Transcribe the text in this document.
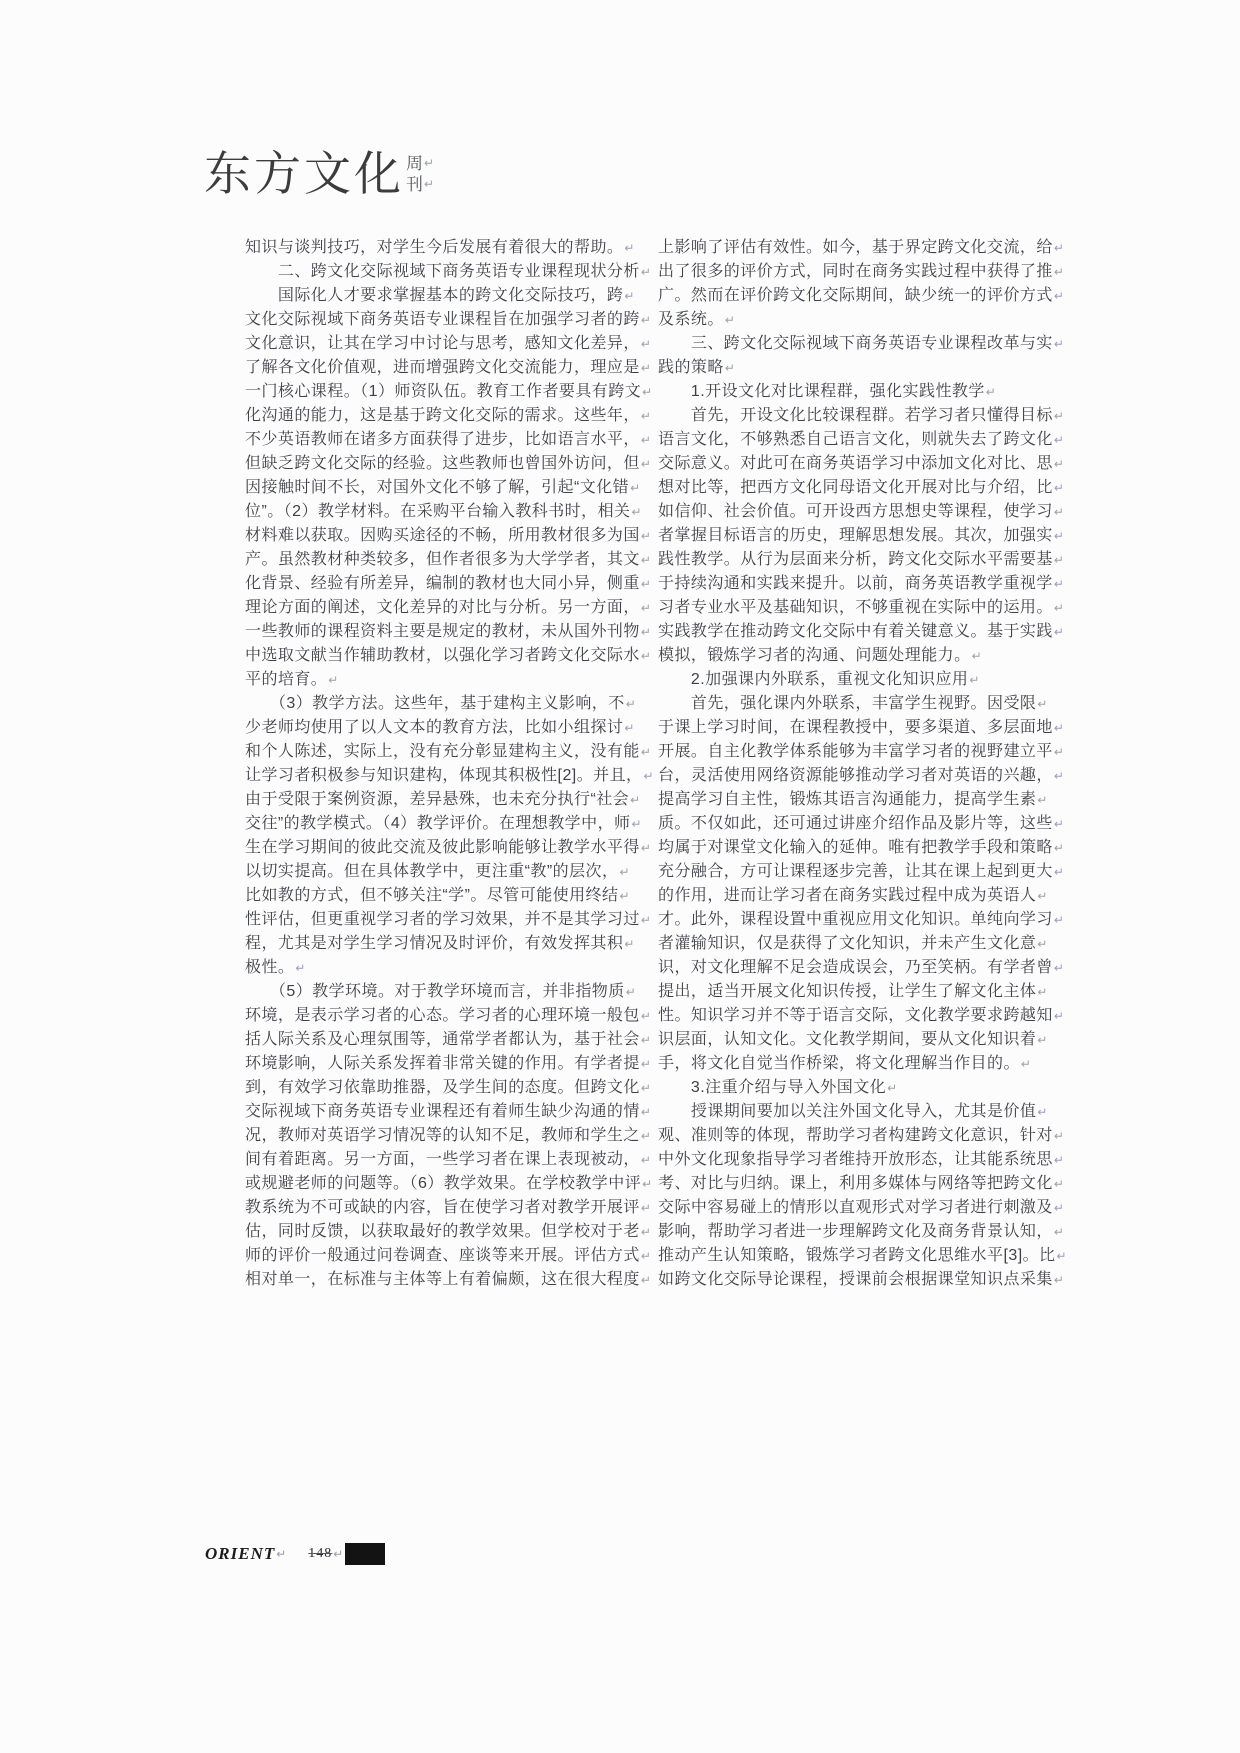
东方文化 周 ↵
刊 ↵
知识与谈判技巧，对学生今后发展有着很大的帮助。 ↵
　　二、跨文化交际视域下商务英语专业课程现状分析 ↵
　　国际化人才要求掌握基本的跨文化交际技巧，跨 ↵
文化交际视域下商务英语专业课程旨在加强学习者的跨 ↵
文化意识，让其在学习中讨论与思考，感知文化差异， ↵
了解各文化价值观，进而增强跨文化交流能力，理应是 ↵
一门核心课程。（1）师资队伍。教育工作者要具有跨文 ↵
化沟通的能力，这是基于跨文化交际的需求。这些年， ↵
不少英语教师在诸多方面获得了进步，比如语言水平， ↵
但缺乏跨文化交际的经验。这些教师也曾国外访问，但 ↵
因接触时间不长，对国外文化不够了解，引起“文化错 ↵
位”。（2）教学材料。在采购平台输入教科书时，相关 ↵
材料难以获取。因购买途径的不畅，所用教材很多为国 ↵
产。虽然教材种类较多，但作者很多为大学学者，其文 ↵
化背景、经验有所差异，编制的教材也大同小异，侧重 ↵
理论方面的阐述，文化差异的对比与分析。另一方面， ↵
一些教师的课程资料主要是规定的教材，未从国外刊物 ↵
中选取文献当作辅助教材，以强化学习者跨文化交际水 ↵
平的培育。 ↵
　　（3）教学方法。这些年，基于建构主义影响，不 ↵
少老师均使用了以人文本的教育方法，比如小组探讨 ↵
和个人陈述，实际上，没有充分彰显建构主义，没有能 ↵
让学习者积极参与知识建构，体现其积极性[2]。并且， ↵
由于受限于案例资源，差异悬殊，也未充分执行“社会 ↵
交往”的教学模式。（4）教学评价。在理想教学中，师 ↵
生在学习期间的彼此交流及彼此影响能够让教学水平得 ↵
以切实提高。但在具体教学中，更注重“教”的层次， ↵
比如教的方式，但不够关注“学”。尽管可能使用终结 ↵
性评估，但更重视学习者的学习效果，并不是其学习过 ↵
程，尤其是对学生学习情况及时评价，有效发挥其积 ↵
极性。 ↵
　　（5）教学环境。对于教学环境而言，并非指物质 ↵
环境，是表示学习者的心态。学习者的心理环境一般包 ↵
括人际关系及心理氛围等，通常学者都认为，基于社会 ↵
环境影响，人际关系发挥着非常关键的作用。有学者提 ↵
到，有效学习依靠助推器，及学生间的态度。但跨文化 ↵
交际视域下商务英语专业课程还有着师生缺少沟通的情 ↵
况，教师对英语学习情况等的认知不足，教师和学生之 ↵
间有着距离。另一方面，一些学习者在课上表现被动， ↵
或规避老师的问题等。（6）教学效果。在学校教学中评 ↵
教系统为不可或缺的内容，旨在使学习者对教学开展评 ↵
估，同时反馈，以获取最好的教学效果。但学校对于老 ↵
师的评价一般通过问卷调查、座谈等来开展。评估方式 ↵
相对单一，在标准与主体等上有着偏颇，这在很大程度 ↵
上影响了评估有效性。如今，基于界定跨文化交流，给 ↵
出了很多的评价方式，同时在商务实践过程中获得了推 ↵
广。然而在评价跨文化交际期间，缺少统一的评价方式 ↵
及系统。 ↵
　　三、跨文化交际视域下商务英语专业课程改革与实 ↵
践的策略 ↵
　　1.开设文化对比课程群，强化实践性教学 ↵
　　首先，开设文化比较课程群。若学习者只懂得目标 ↵
语言文化，不够熟悉自己语言文化，则就失去了跨文化 ↵
交际意义。对此可在商务英语学习中添加文化对比、思 ↵
想对比等，把西方文化同母语文化开展对比与介绍，比 ↵
如信仰、社会价值。可开设西方思想史等课程，使学习 ↵
者掌握目标语言的历史，理解思想发展。其次，加强实 ↵
践性教学。从行为层面来分析，跨文化交际水平需要基 ↵
于持续沟通和实践来提升。以前，商务英语教学重视学 ↵
习者专业水平及基础知识，不够重视在实际中的运用。 ↵
实践教学在推动跨文化交际中有着关键意义。基于实践 ↵
模拟，锻炼学习者的沟通、问题处理能力。 ↵
　　2.加强课内外联系，重视文化知识应用 ↵
　　首先，强化课内外联系，丰富学生视野。因受限 ↵
于课上学习时间，在课程教授中，要多渠道、多层面地 ↵
开展。自主化教学体系能够为丰富学习者的视野建立平 ↵
台，灵活使用网络资源能够推动学习者对英语的兴趣， ↵
提高学习自主性，锻炼其语言沟通能力，提高学生素 ↵
质。不仅如此，还可通过讲座介绍作品及影片等，这些 ↵
均属于对课堂文化输入的延伸。唯有把教学手段和策略 ↵
充分融合，方可让课程逐步完善，让其在课上起到更大 ↵
的作用，进而让学习者在商务实践过程中成为英语人 ↵
才。此外，课程设置中重视应用文化知识。单纯向学习 ↵
者灌输知识，仅是获得了文化知识，并未产生文化意 ↵
识，对文化理解不足会造成误会，乃至笑柄。有学者曾 ↵
提出，适当开展文化知识传授，让学生了解文化主体 ↵
性。知识学习并不等于语言交际，文化教学要求跨越知 ↵
识层面，认知文化。文化教学期间，要从文化知识着 ↵
手，将文化自觉当作桥梁，将文化理解当作目的。 ↵
　　3.注重介绍与导入外国文化 ↵
　　授课期间要加以关注外国文化导入，尤其是价值 ↵
观、准则等的体现，帮助学习者构建跨文化意识，针对 ↵
中外文化现象指导学习者维持开放形态，让其能系统思 ↵
考、对比与归纳。课上，利用多媒体与网络等把跨文化 ↵
交际中容易碰上的情形以直观形式对学习者进行刺激及 ↵
影响，帮助学习者进一步理解跨文化及商务背景认知， ↵
推动产生认知策略，锻炼学习者跨文化思维水平[3]。比 ↵
如跨文化交际导论课程，授课前会根据课堂知识点采集 ↵
ORIENT ↵ 148 ↵
